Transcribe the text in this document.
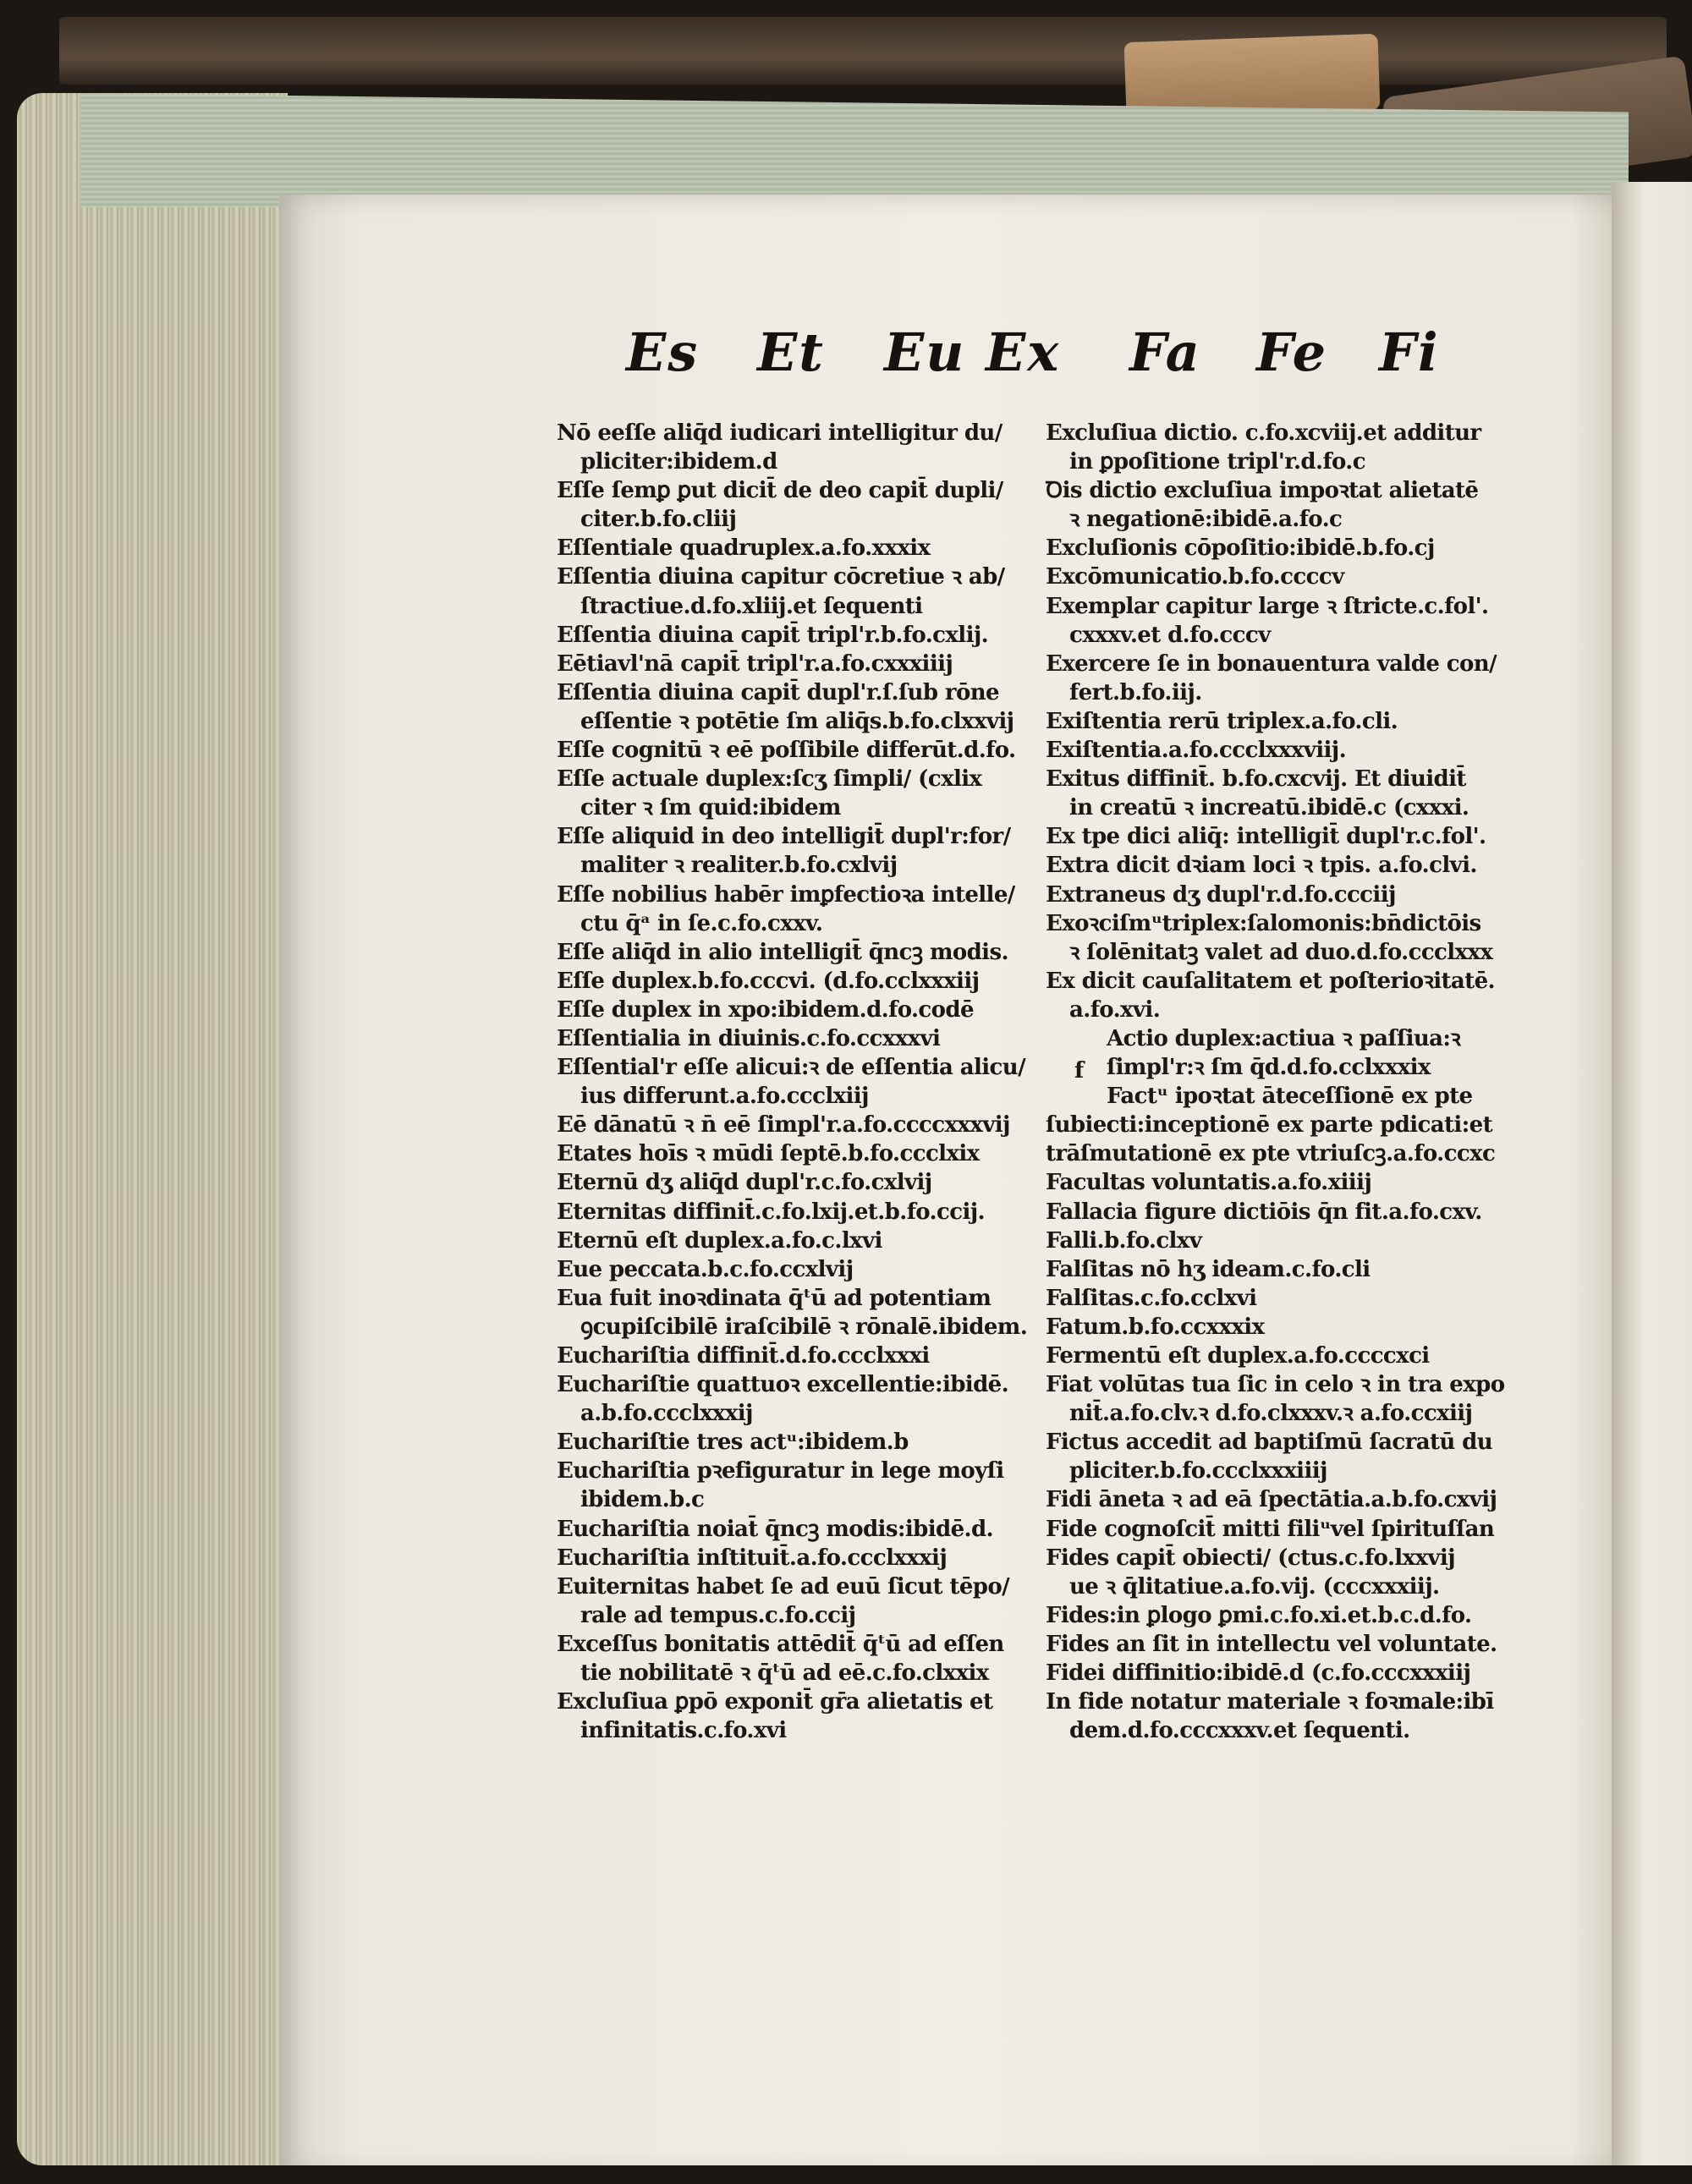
Es Et Eu Ex Fa Fe Fi
Nō eeſſe aliq̄d iudicari intelligitur du/
pliciter:ibidem.d
Eſſe ſemꝑ ꝑut dicit̄ de deo capit̄ dupli/
citer.b.fo.cliij
Eſſentiale quadruplex.a.fo.xxxix
Eſſentia diuina capitur cōcretiue ꝛ ab/
ſtractiue.d.fo.xliij.et ſequenti
Eſſentia diuina capit̄ tripl'r.b.fo.cxlij.
Eētiavl'nā capit̄ tripl'r.a.fo.cxxxiiij
Eſſentia diuina capit̄ dupl'r.ſ.ſub rōne
eſſentie ꝛ potētie ſm aliq̄s.b.fo.clxxvij
Eſſe cognitū ꝛ eē poſſibile differūt.d.fo.
Eſſe actuale duplex:ſcʒ ſimpli/ (cxlix
citer ꝛ ſm quid:ibidem
Eſſe aliquid in deo intelligit̄ dupl'r:for/
maliter ꝛ realiter.b.fo.cxlvij
Eſſe nobilius habēr imꝑfectioꝛa intelle/
ctu q̄ᵃ in ſe.c.fo.cxxv.
Eſſe aliq̄d in alio intelligit̄ q̄ncꝫ modis.
Eſſe duplex.b.fo.cccvi. (d.fo.cclxxxiij
Eſſe duplex in xpo:ibidem.d.fo.codē
Eſſentialia in diuinis.c.fo.ccxxxvi
Eſſential'r eſſe alicui:ꝛ de eſſentia alicu/
ius differunt.a.fo.ccclxiij
Eē dānatū ꝛ n̄ eē ſimpl'r.a.fo.ccccxxxvij
Etates hoīs ꝛ mūdi ſeptē.b.fo.ccclxix
Eternū dʒ aliq̄d dupl'r.c.fo.cxlvij
Eternitas diffinit̄.c.fo.lxij.et.b.fo.ccij.
Eternū eſt duplex.a.fo.c.lxvi
Eue peccata.b.c.fo.ccxlvij
Eua fuit inoꝛdinata q̄ᵗū ad potentiam
ꝯcupiſcibilē iraſcibilē ꝛ rōnalē.ibidem.
Euchariſtia diffinit̄.d.fo.ccclxxxi
Euchariſtie quattuoꝛ excellentie:ibidē.
a.b.fo.ccclxxxij
Euchariſtie tres actᵘ:ibidem.b
Euchariſtia pꝛefiguratur in lege moyſi
ibidem.b.c
Euchariſtia noiat̄ q̄ncꝫ modis:ibidē.d.
Euchariſtia inſtituit̄.a.fo.ccclxxxij
Euiternitas habet ſe ad euū ſicut tēpo/
rale ad tempus.c.fo.ccij
Exceſſus bonitatis attēdit̄ q̄ᵗū ad eſſen
tie nobilitatē ꝛ q̄ᵗū ad eē.c.fo.clxxix
Excluſiua ꝑpō exponit̄ gr̄a alietatis et
infinitatis.c.fo.xvi
Excluſiua dictio. c.fo.xcviij.et additur
in ꝑpoſitione tripl'r.d.fo.c
Ꝺis dictio excluſiua impoꝛtat alietatē
ꝛ negationē:ibidē.a.fo.c
Excluſionis cōpoſitio:ibidē.b.fo.cj
Excōmunicatio.b.fo.ccccv
Exemplar capitur large ꝛ ſtricte.c.fol'.
cxxxv.et d.fo.cccv
Exercere ſe in bonauentura valde con/
fert.b.fo.iij.
Exiſtentia rerū triplex.a.fo.cli.
Exiſtentia.a.fo.ccclxxxviij.
Exitus diffinit̄. b.fo.cxcvij. Et diuidit̄
in creatū ꝛ increatū.ibidē.c (cxxxi.
Ex tpe dici aliq̄: intelligit̄ dupl'r.c.fol'.
Extra dicit dꝛiam loci ꝛ tpis. a.fo.clvi.
Extraneus dʒ dupl'r.d.fo.ccciij
Exoꝛciſmᵘtriplex:ſalomonis:bn̄dictōis
ꝛ ſolēnitatꝫ valet ad duo.d.fo.ccclxxx
Ex dicit cauſalitatem et poſterioꝛitatē.
a.fo.xvi.
Actio duplex:actiua ꝛ paſſiua:ꝛ
ſimpl'r:ꝛ ſm q̄d.d.fo.cclxxxix
Factᵘ ipoꝛtat āteceſſionē ex pte
ſubiecti:inceptionē ex parte pdicati:et
trāſmutationē ex pte vtriuſcꝫ.a.fo.ccxc
Facultas voluntatis.a.fo.xiiij
Fallacia figure dictiōis q̄n fit.a.fo.cxv.
Falli.b.fo.clxv
Falſitas nō hʒ ideam.c.fo.cli
Falſitas.c.fo.cclxvi
Fatum.b.fo.ccxxxix
Fermentū eſt duplex.a.fo.ccccxci
Fiat volūtas tua ſic in celo ꝛ in tra expo
nit̄.a.fo.clv.ꝛ d.fo.clxxxv.ꝛ a.fo.ccxiij
Fictus accedit ad baptiſmū ſacratū du
pliciter.b.fo.ccclxxxiiij
Fidi āneta ꝛ ad eā ſpectātia.a.b.fo.cxvij
Fide cognoſcit̄ mitti filiᵘvel ſpirituſſan
Fides capit̄ obiecti/ (ctus.c.fo.lxxvij
ue ꝛ q̄litatiue.a.fo.vij. (cccxxxiij.
Fides:in ꝑlogo ꝑmi.c.fo.xi.et.b.c.d.fo.
Fides an ſit in intellectu vel voluntate.
Fidei diffinitio:ibidē.d (c.fo.cccxxxiij
In fide notatur materiale ꝛ foꝛmale:ibī
dem.d.fo.cccxxxv.et ſequenti.
f
